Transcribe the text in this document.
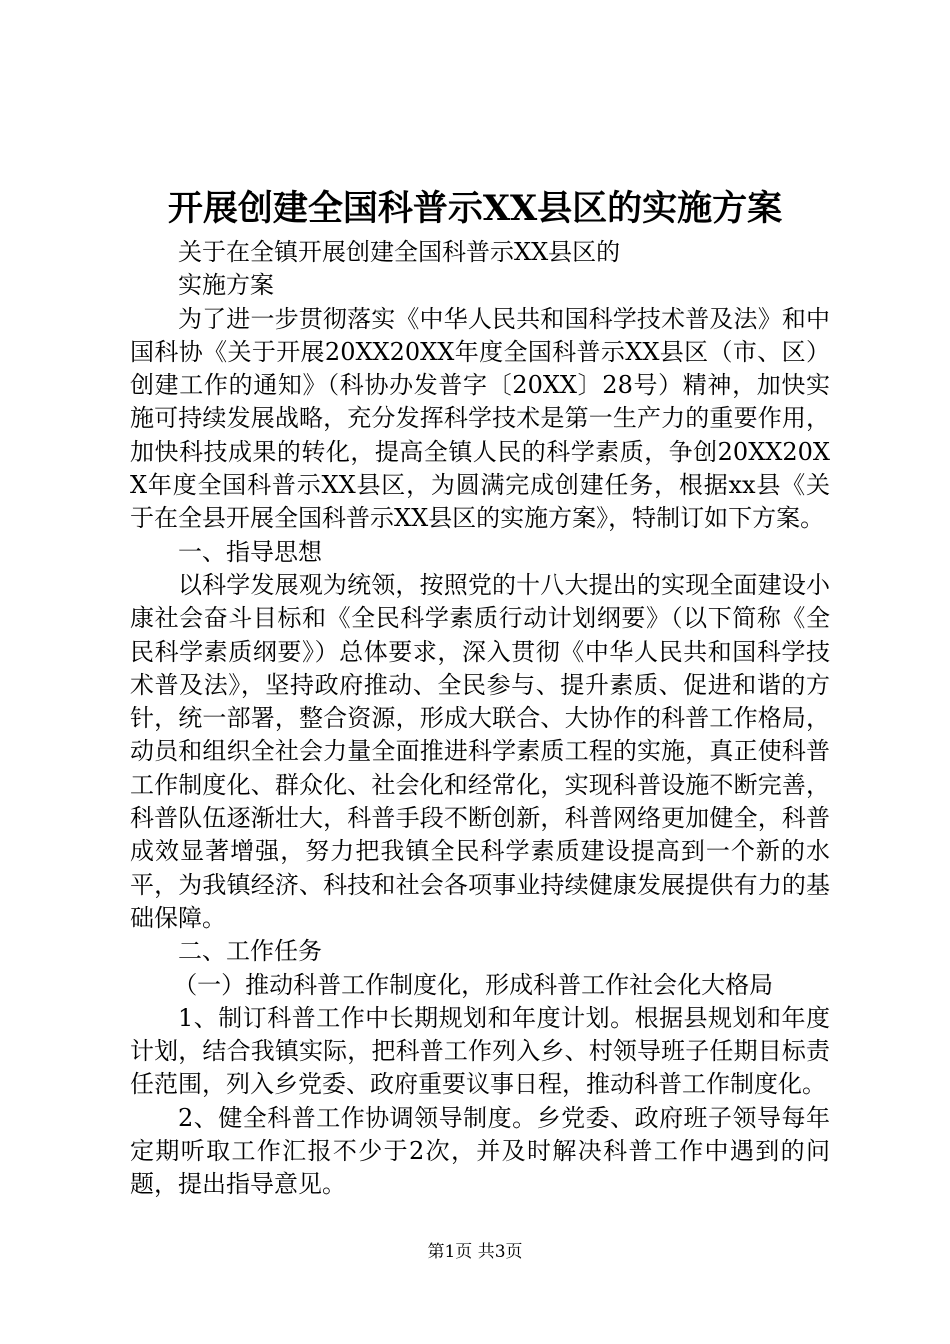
开展创建全国科普示XX县区的实施方案

关于在全镇开展创建全国科普示XX县区的

实施方案

为了进一步贯彻落实《中华人民共和国科学技术普及法》和中国科协《关于开展20XX20XX年度全国科普示XX县区（市、区）创建工作的通知》（科协办发普字〔20XX〕28号）精神，加快实施可持续发展战略，充分发挥科学技术是第一生产力的重要作用，加快科技成果的转化，提高全镇人民的科学素质，争创20XX20XX年度全国科普示XX县区，为圆满完成创建任务，根据xx县《关于在全县开展全国科普示XX县区的实施方案》，特制订如下方案。

一、指导思想

以科学发展观为统领，按照党的十八大提出的实现全面建设小康社会奋斗目标和《全民科学素质行动计划纲要》（以下简称《全民科学素质纲要》）总体要求，深入贯彻《中华人民共和国科学技术普及法》，坚持政府推动、全民参与、提升素质、促进和谐的方针，统一部署，整合资源，形成大联合、大协作的科普工作格局，动员和组织全社会力量全面推进科学素质工程的实施，真正使科普工作制度化、群众化、社会化和经常化，实现科普设施不断完善，科普队伍逐渐壮大，科普手段不断创新，科普网络更加健全，科普成效显著增强，努力把我镇全民科学素质建设提高到一个新的水平，为我镇经济、科技和社会各项事业持续健康发展提供有力的基础保障。

二、工作任务

（一）推动科普工作制度化，形成科普工作社会化大格局

1、制订科普工作中长期规划和年度计划。根据县规划和年度计划，结合我镇实际，把科普工作列入乡、村领导班子任期目标责任范围，列入乡党委、政府重要议事日程，推动科普工作制度化。

2、健全科普工作协调领导制度。乡党委、政府班子领导每年定期听取工作汇报不少于2次，并及时解决科普工作中遇到的问题，提出指导意见。

第1页 共3页
